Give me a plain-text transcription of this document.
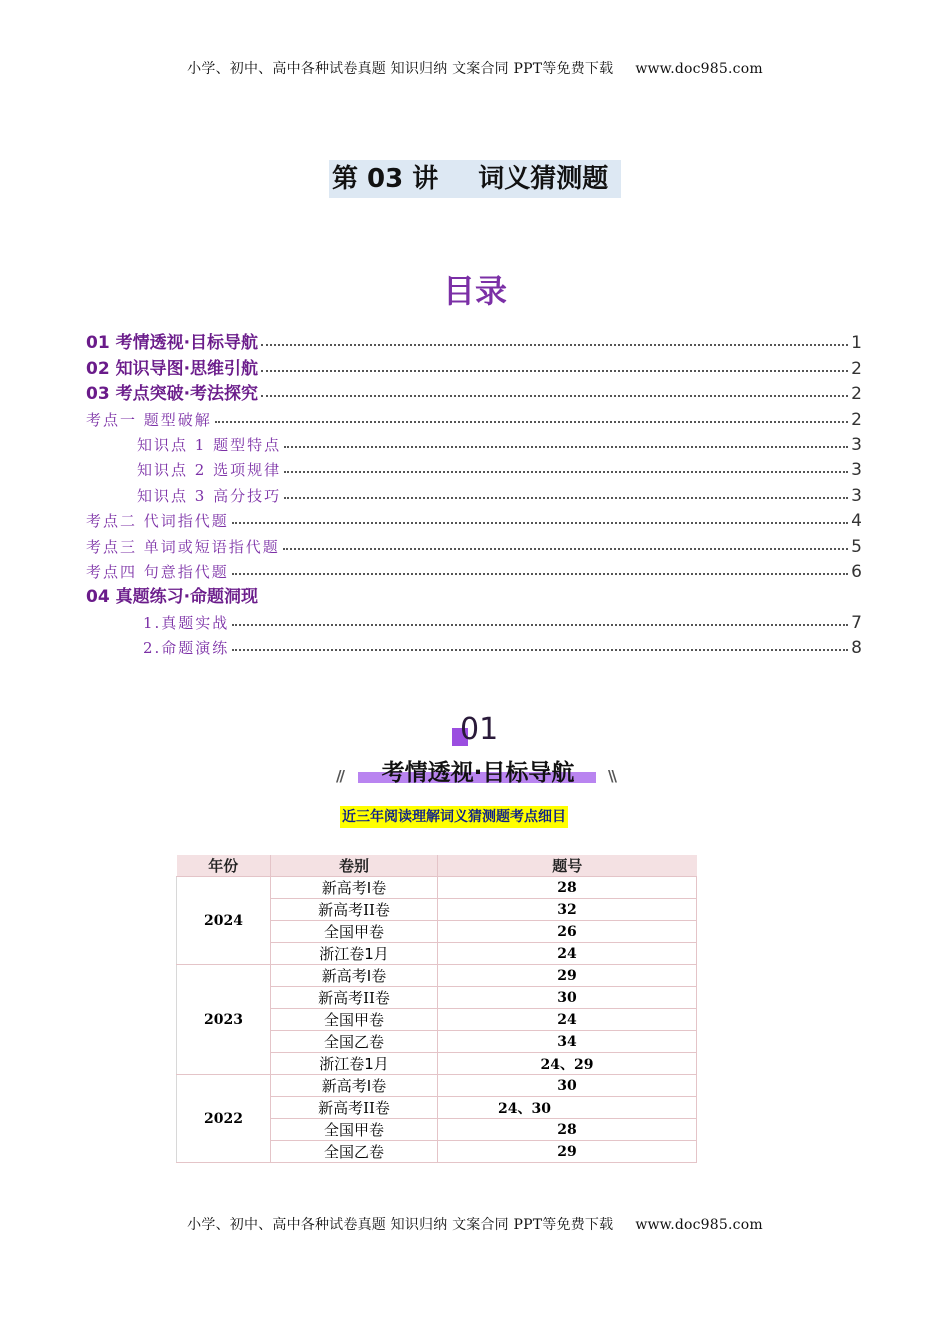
小学、初中、高中各种试卷真题 知识归纳 文案合同 PPT等免费下载 www.doc985.com
第 03 讲 词义猜测题
目录
01 考情透视·目标导航	1
02 知识导图·思维引航	2
03 考点突破·考法探究	2
考点一 题型破解	2
知识点 1 题型特点	3
知识点 2 选项规律	3
知识点 3 高分技巧	3
考点二 代词指代题	4
考点三 单词或短语指代题	5
考点四 句意指代题	6
04 真题练习·命题洞现
1.真题实战	7
2.命题演练	8
01
//	考情透视·目标导航	\\
近三年阅读理解词义猜测题考点细目
年份	卷别	题号
2024	新高考Ⅰ卷	28
	新高考II卷	32
	全国甲卷	26
	浙江卷1月	24
2023	新高考Ⅰ卷	29
	新高考II卷	30
	全国甲卷	24
	全国乙卷	34
	浙江卷1月	24、29
2022	新高考Ⅰ卷	30
	新高考II卷	24、30
	全国甲卷	28
	全国乙卷	29
小学、初中、高中各种试卷真题 知识归纳 文案合同 PPT等免费下载 www.doc985.com
